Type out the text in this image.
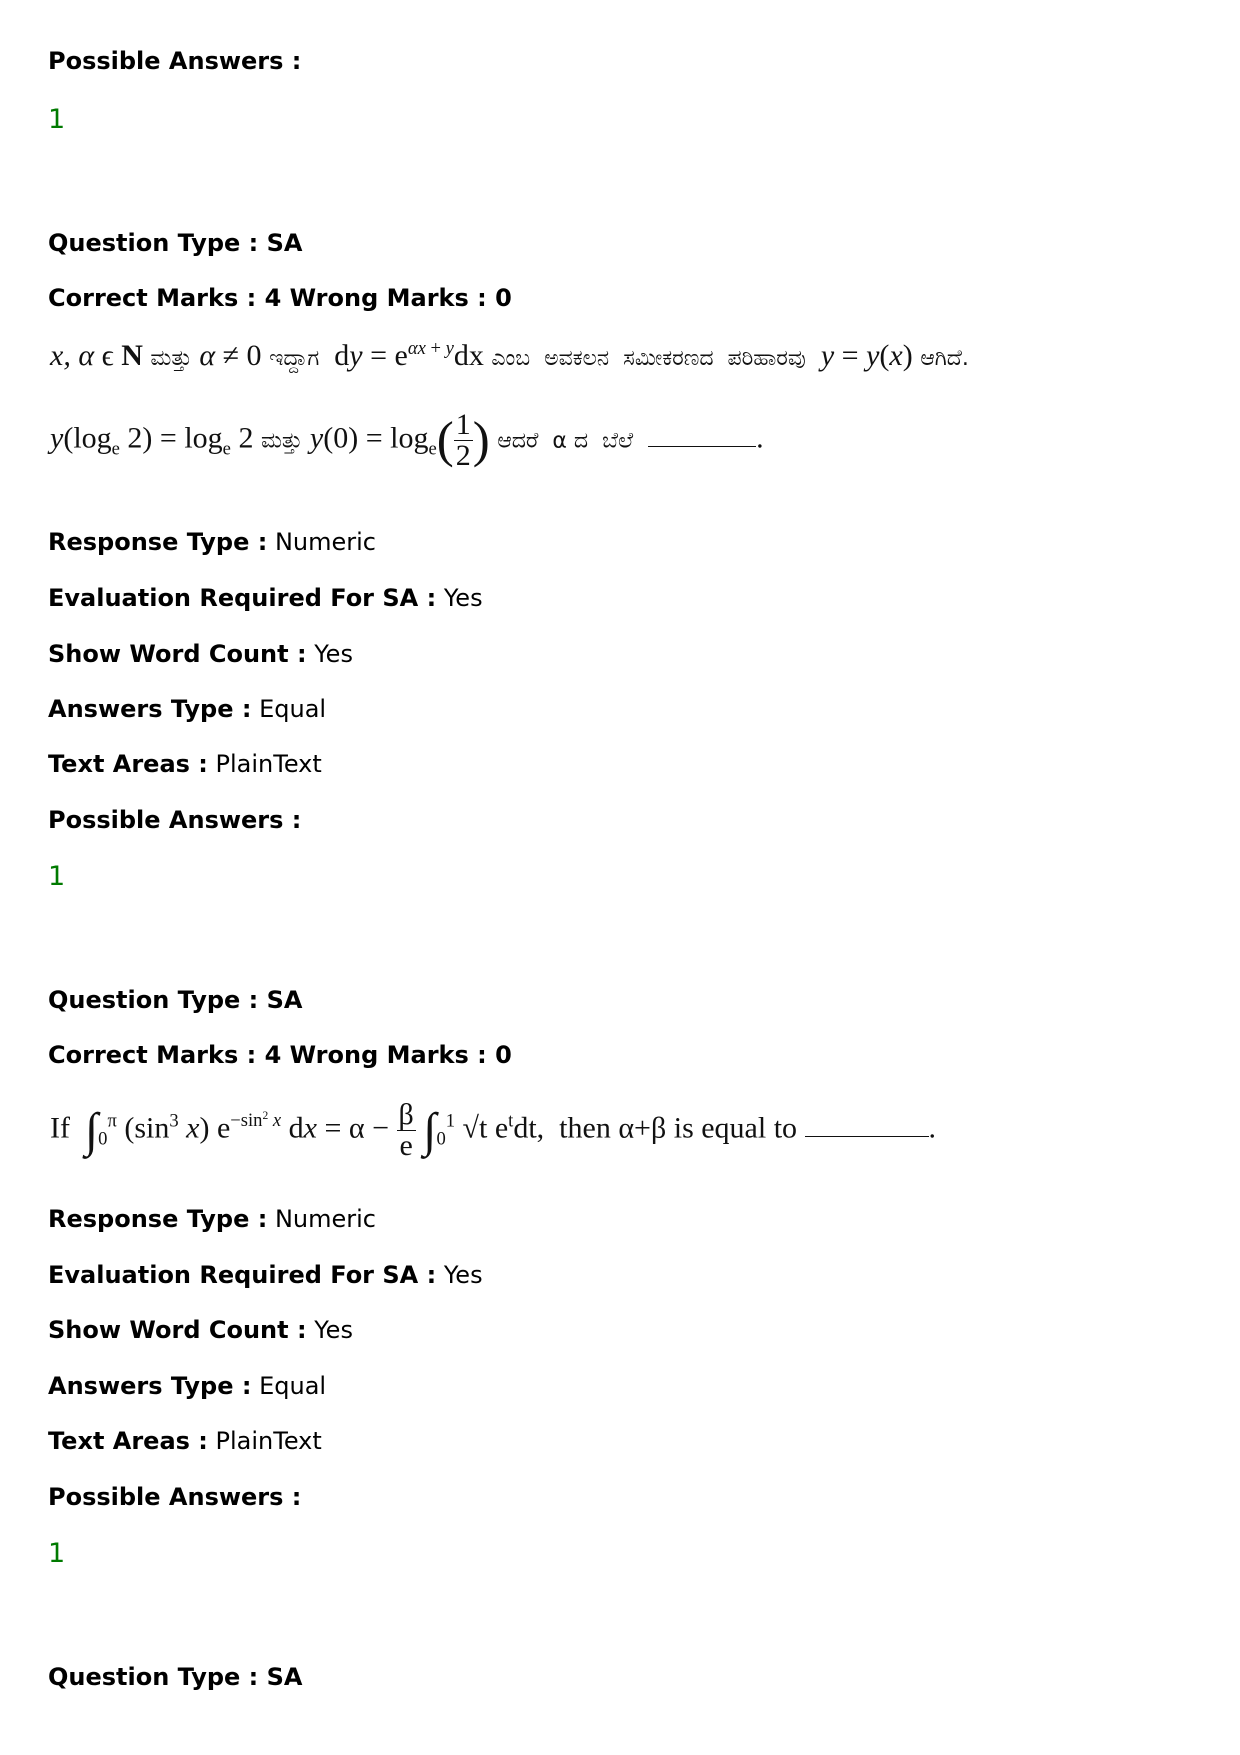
Possible Answers :
1
Question Type : SA
Correct Marks : 4 Wrong Marks : 0
x, α ϵ N ಮತ್ತು α ≠ 0 ಇದ್ದಾಗ  dy = $e^{\alpha x + y}dx$ ಎಂಬ  ಅವಕಲನ  ಸಮೀಕರಣದ  ಪರಿಹಾರವು y = y(x) ಆಗಿದೆ.
$y(\log_e$ $2) = \log_e 2$ ಮತ್ತು $y(0) = \log_e( \frac{1}{2}$ ) ಆದರೆ  α ದ  ಬೆಲೆ	.
Response Type : Numeric
Evaluation Required For SA : Yes
Show Word Count : Yes
Answers Type : Equal
Text Areas : PlainText
Possible Answers :
1
Question Type : SA
Correct Marks : 4 Wrong Marks : 0
If  $\int_0^\pi$ ($\sin^3$ x) $e^{-sin^2 x}$ dx = $\alpha - \frac{\beta}{e} \int_0^1$ √t $e^tdt$,  then α+β is equal to	.
Response Type : Numeric
Evaluation Required For SA : Yes
Show Word Count : Yes
Answers Type : Equal
Text Areas : PlainText
Possible Answers :
1
Question Type : SA
